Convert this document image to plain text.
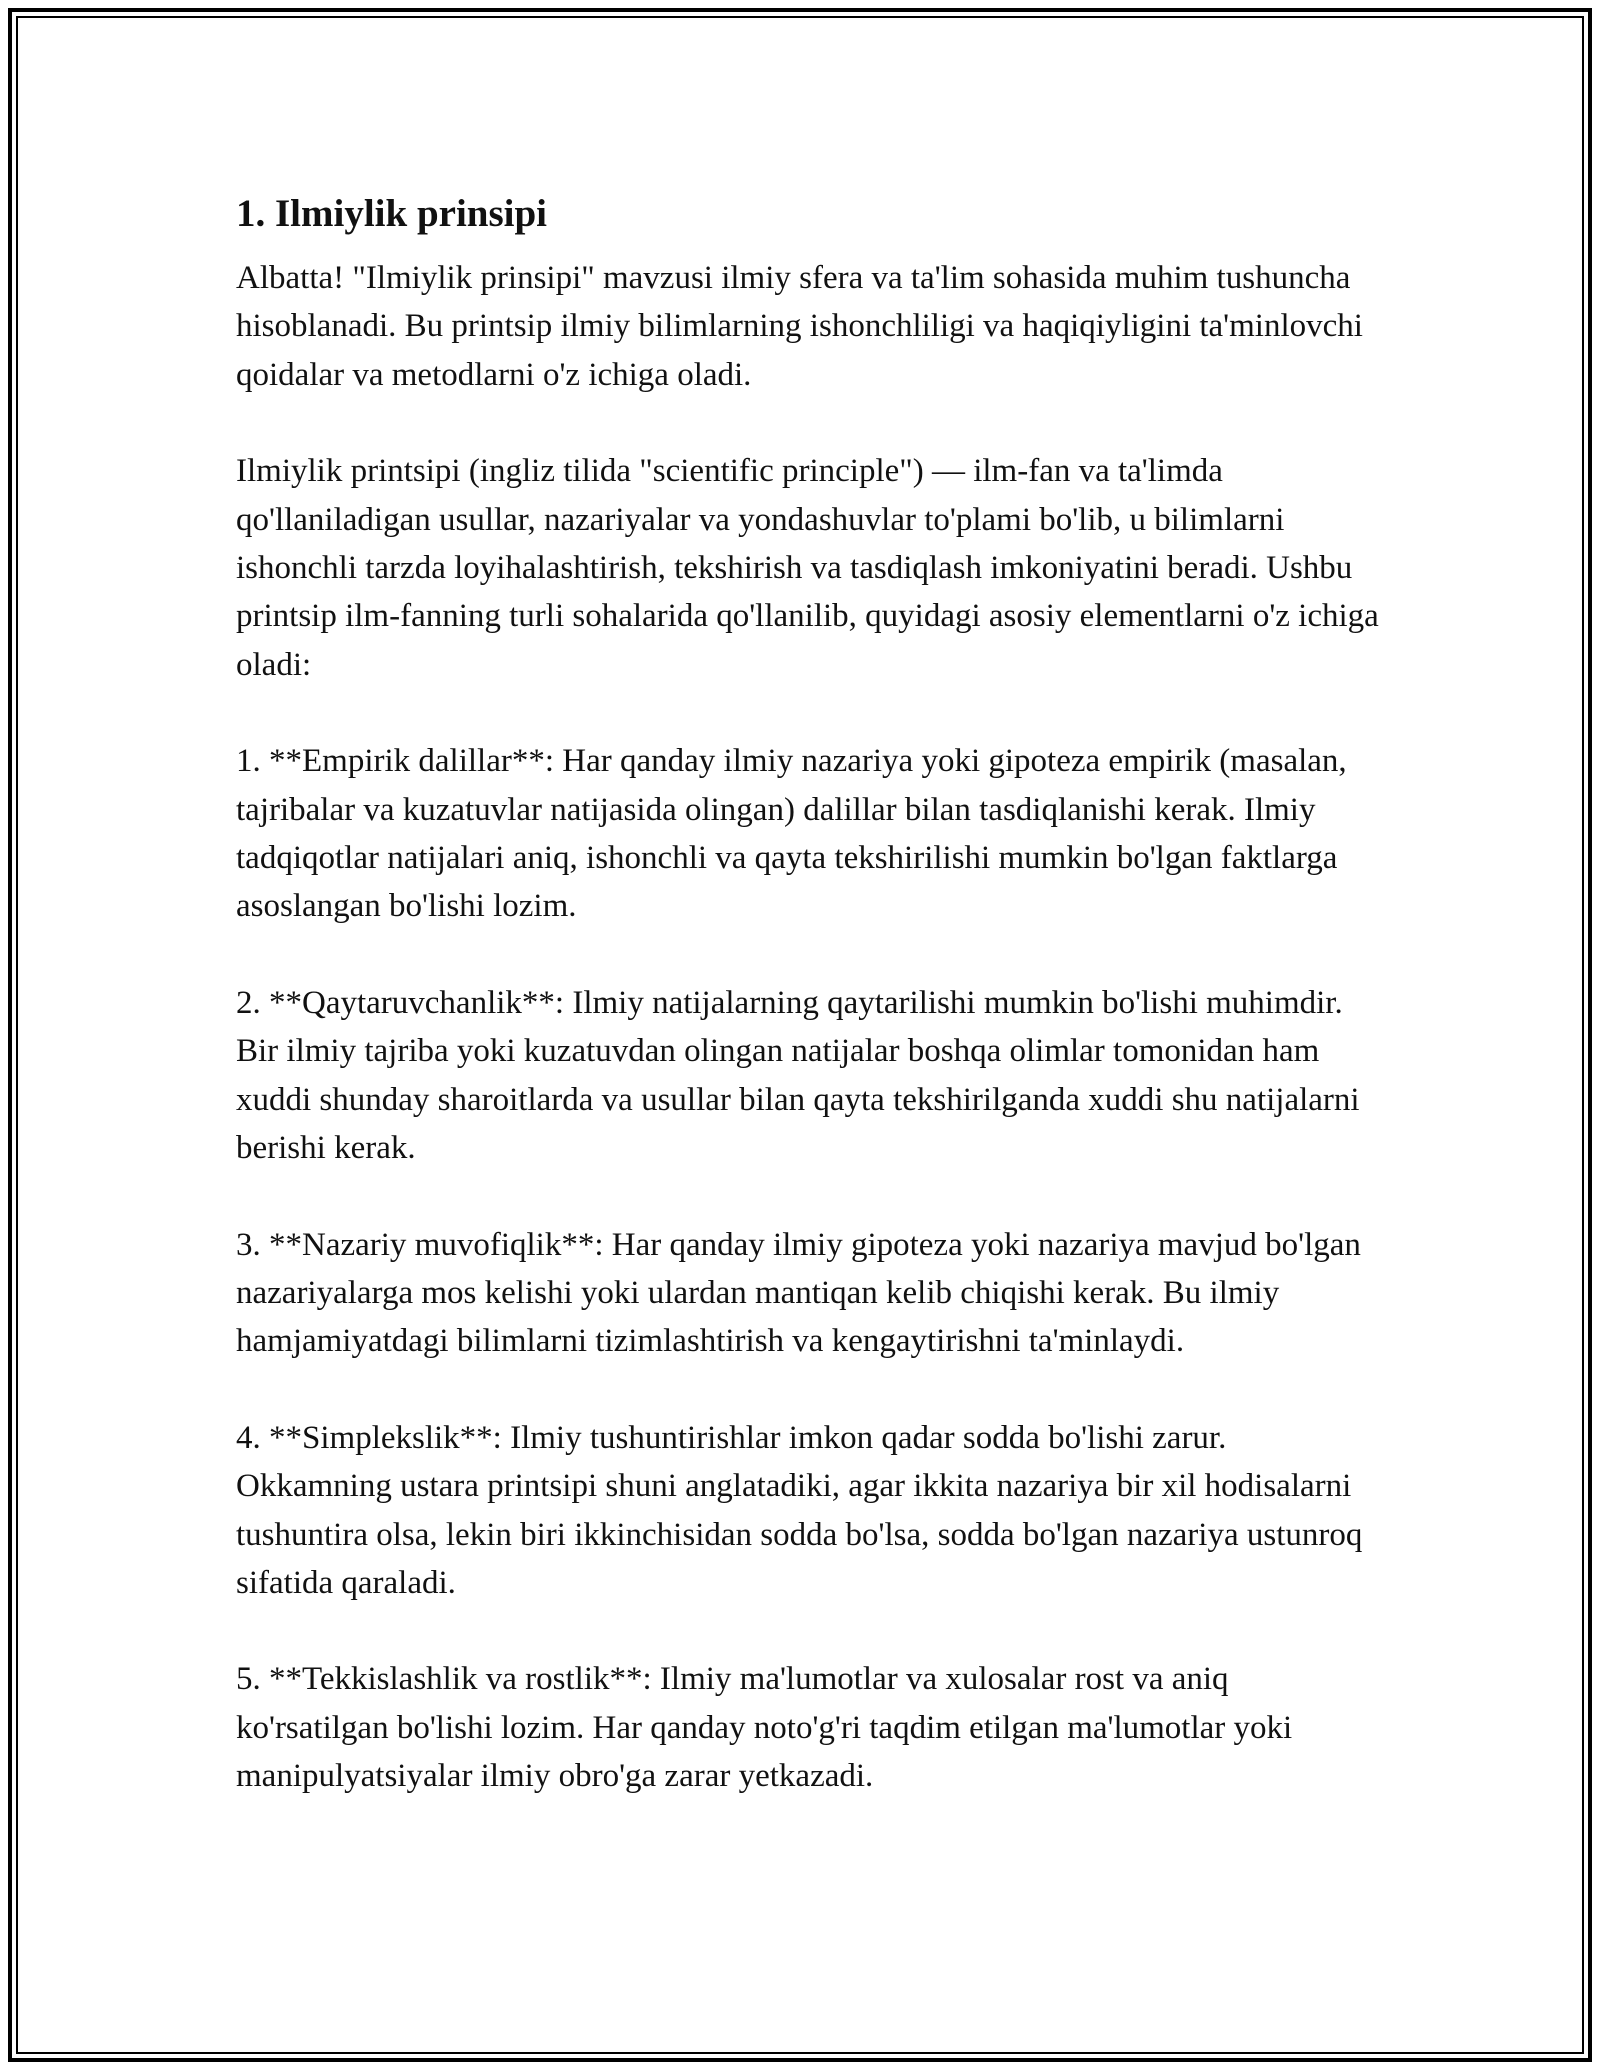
1. Ilmiylik prinsipi

Albatta! "Ilmiylik prinsipi" mavzusi ilmiy sfera va ta'lim sohasida muhim tushuncha hisoblanadi. Bu printsip ilmiy bilimlarning ishonchliligi va haqiqiyligini ta'minlovchi qoidalar va metodlarni o'z ichiga oladi.

Ilmiylik printsipi (ingliz tilida "scientific principle") — ilm-fan va ta'limda qo'llaniladigan usullar, nazariyalar va yondashuvlar to'plami bo'lib, u bilimlarni ishonchli tarzda loyihalashtirish, tekshirish va tasdiqlash imkoniyatini beradi. Ushbu printsip ilm-fanning turli sohalarida qo'llanilib, quyidagi asosiy elementlarni o'z ichiga oladi:

1. **Empirik dalillar**: Har qanday ilmiy nazariya yoki gipoteza empirik (masalan, tajribalar va kuzatuvlar natijasida olingan) dalillar bilan tasdiqlanishi kerak. Ilmiy tadqiqotlar natijalari aniq, ishonchli va qayta tekshirilishi mumkin bo'lgan faktlarga asoslangan bo'lishi lozim.

2. **Qaytaruvchanlik**: Ilmiy natijalarning qaytarilishi mumkin bo'lishi muhimdir. Bir ilmiy tajriba yoki kuzatuvdan olingan natijalar boshqa olimlar tomonidan ham xuddi shunday sharoitlarda va usullar bilan qayta tekshirilganda xuddi shu natijalarni berishi kerak.

3. **Nazariy muvofiqlik**: Har qanday ilmiy gipoteza yoki nazariya mavjud bo'lgan nazariyalarga mos kelishi yoki ulardan mantiqan kelib chiqishi kerak. Bu ilmiy hamjamiyatdagi bilimlarni tizimlashtirish va kengaytirishni ta'minlaydi.

4. **Simplekslik**: Ilmiy tushuntirishlar imkon qadar sodda bo'lishi zarur. Okkamning ustara printsipi shuni anglatadiki, agar ikkita nazariya bir xil hodisalarni tushuntira olsa, lekin biri ikkinchisidan sodda bo'lsa, sodda bo'lgan nazariya ustunroq sifatida qaraladi.

5. **Tekkislashlik va rostlik**: Ilmiy ma'lumotlar va xulosalar rost va aniq ko'rsatilgan bo'lishi lozim. Har qanday noto'g'ri taqdim etilgan ma'lumotlar yoki manipulyatsiyalar ilmiy obro'ga zarar yetkazadi.
